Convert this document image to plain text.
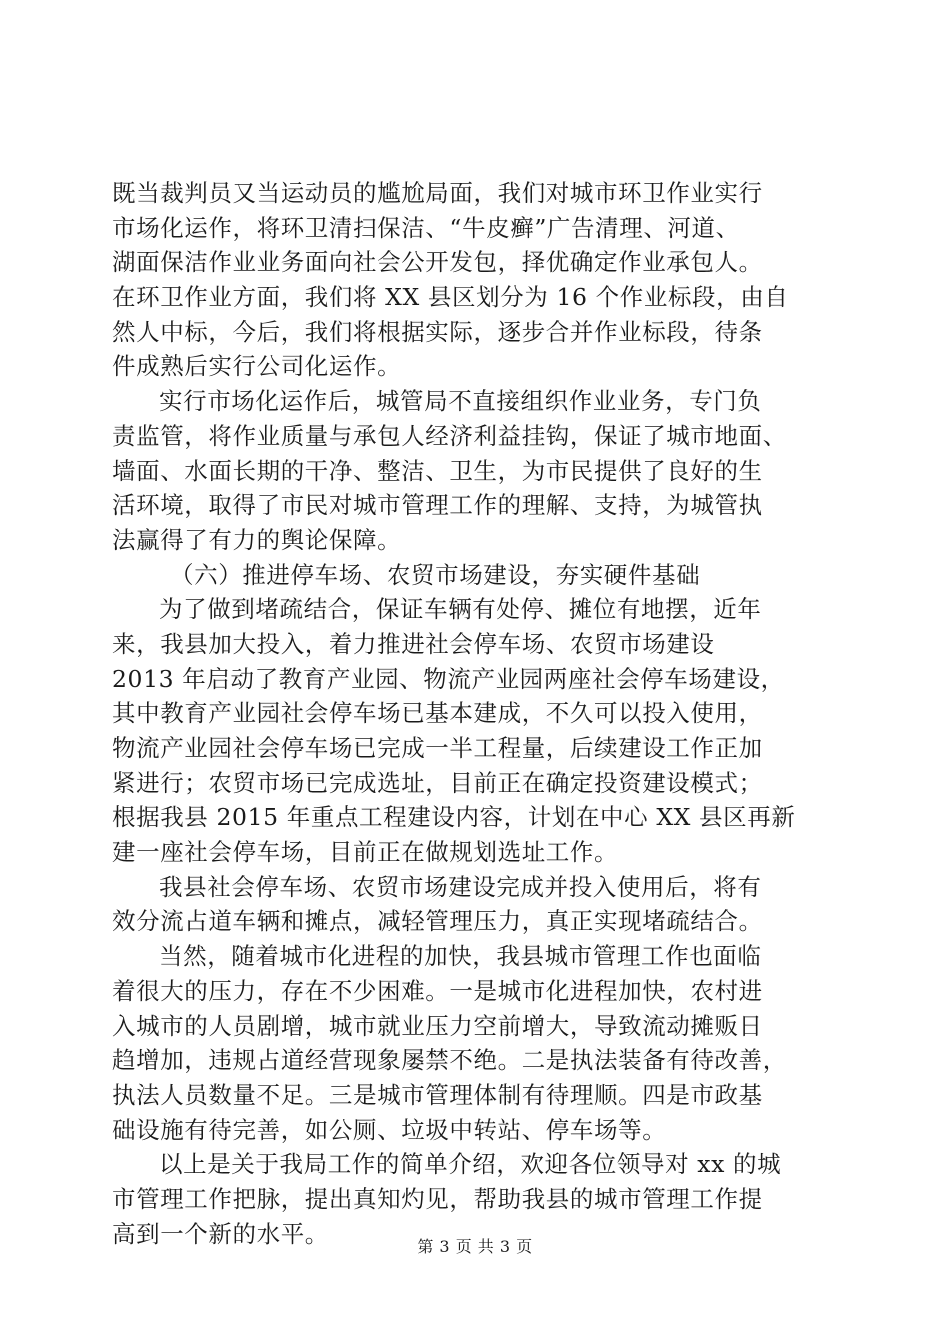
既当裁判员又当运动员的尴尬局面，我们对城市环卫作业实行
市场化运作，将环卫清扫保洁、“牛皮癣”广告清理、河道、
湖面保洁作业业务面向社会公开发包，择优确定作业承包人。
在环卫作业方面，我们将 XX 县区划分为 16 个作业标段，由自
然人中标，今后，我们将根据实际，逐步合并作业标段，待条
件成熟后实行公司化运作。
实行市场化运作后，城管局不直接组织作业业务，专门负
责监管，将作业质量与承包人经济利益挂钩，保证了城市地面、
墙面、水面长期的干净、整洁、卫生，为市民提供了良好的生
活环境，取得了市民对城市管理工作的理解、支持，为城管执
法赢得了有力的舆论保障。
（六）推进停车场、农贸市场建设，夯实硬件基础
为了做到堵疏结合，保证车辆有处停、摊位有地摆，近年
来，我县加大投入，着力推进社会停车场、农贸市场建设
2013 年启动了教育产业园、物流产业园两座社会停车场建设，
其中教育产业园社会停车场已基本建成，不久可以投入使用，
物流产业园社会停车场已完成一半工程量，后续建设工作正加
紧进行；农贸市场已完成选址，目前正在确定投资建设模式；
根据我县 2015 年重点工程建设内容，计划在中心 XX 县区再新
建一座社会停车场，目前正在做规划选址工作。
我县社会停车场、农贸市场建设完成并投入使用后，将有
效分流占道车辆和摊点，减轻管理压力，真正实现堵疏结合。
当然，随着城市化进程的加快，我县城市管理工作也面临
着很大的压力，存在不少困难。一是城市化进程加快，农村进
入城市的人员剧增，城市就业压力空前增大，导致流动摊贩日
趋增加，违规占道经营现象屡禁不绝。二是执法装备有待改善，
执法人员数量不足。三是城市管理体制有待理顺。四是市政基
础设施有待完善，如公厕、垃圾中转站、停车场等。
以上是关于我局工作的简单介绍，欢迎各位领导对 xx 的城
市管理工作把脉，提出真知灼见，帮助我县的城市管理工作提
高到一个新的水平。	第 3 页 共 3 页
